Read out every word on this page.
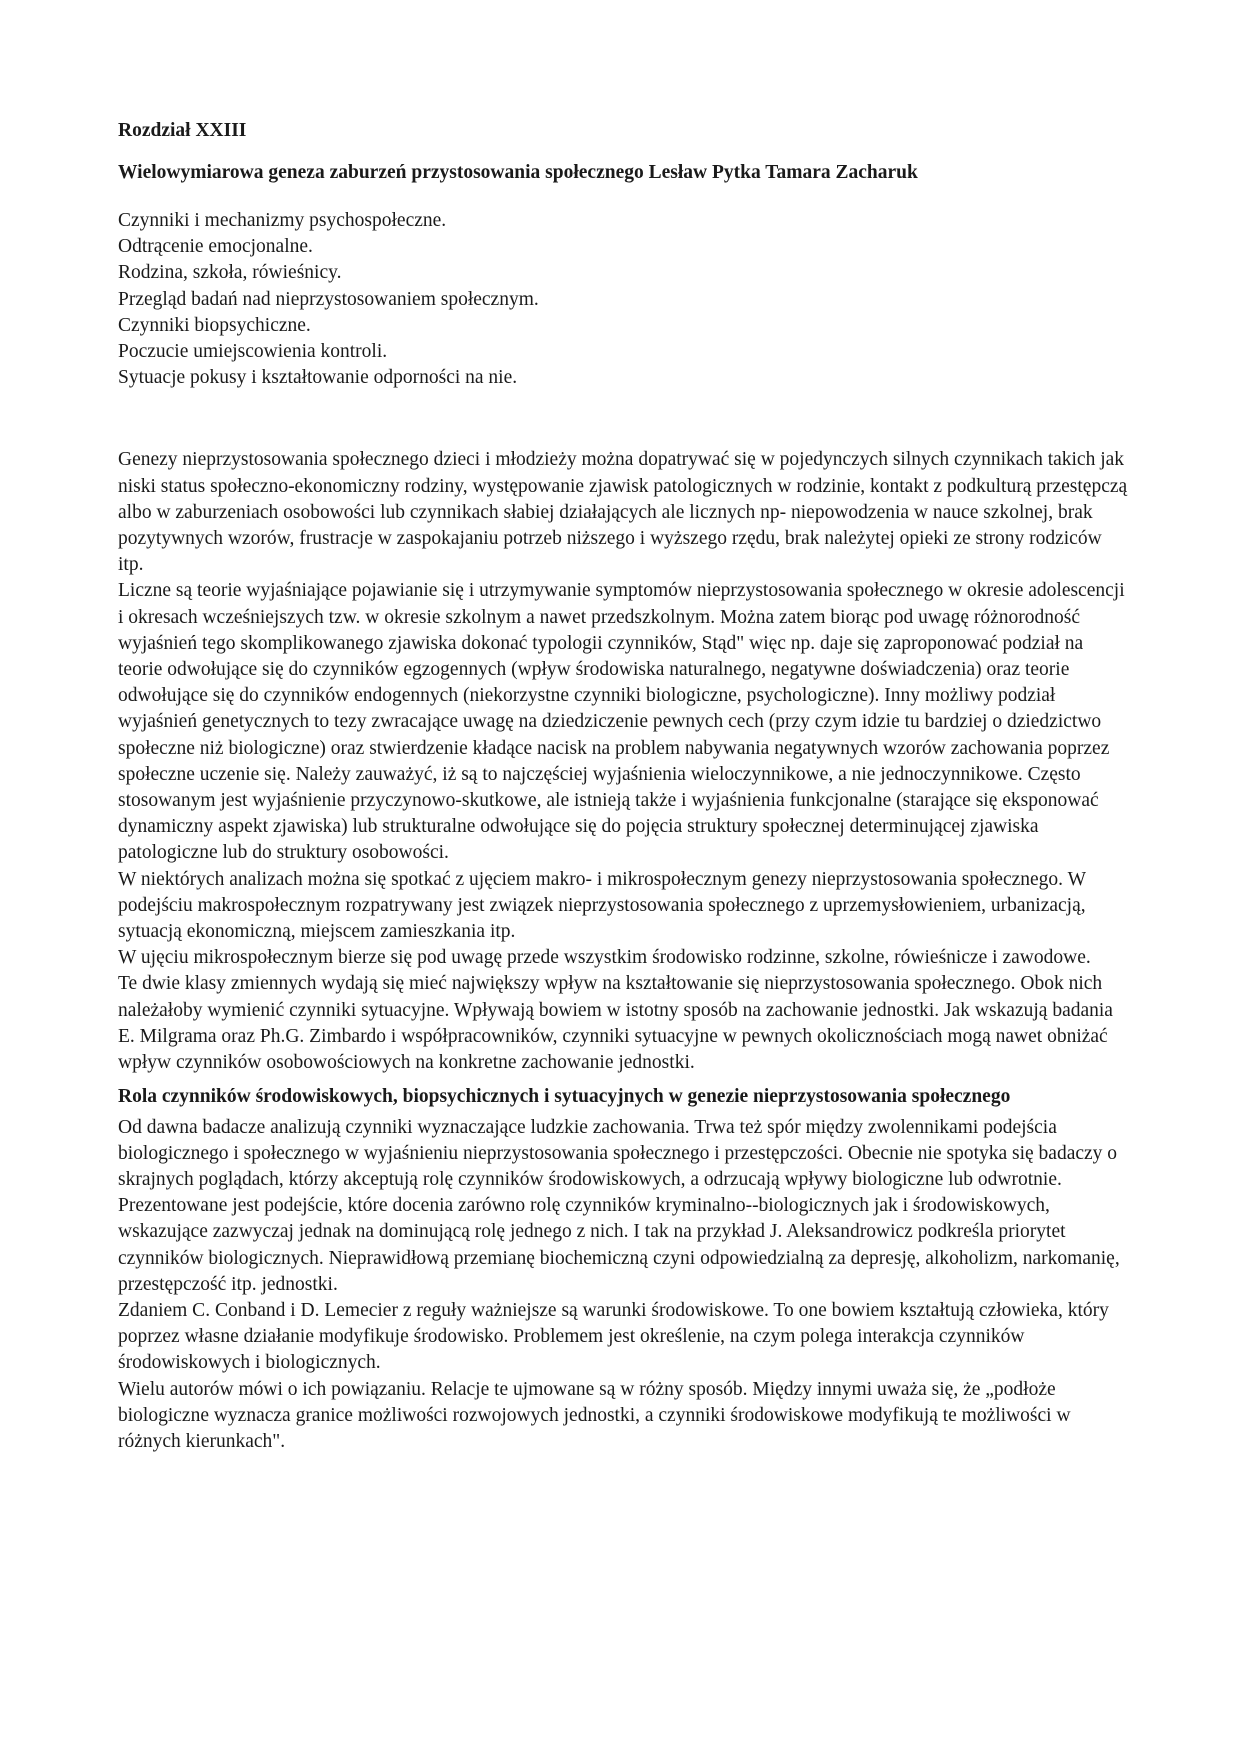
Rozdział XXIII
Wielowymiarowa geneza zaburzeń przystosowania społecznego Lesław Pytka Tamara Zacharuk
Czynniki i mechanizmy psychospołeczne.
Odtrącenie emocjonalne.
Rodzina, szkoła, rówieśnicy.
Przegląd badań nad nieprzystosowaniem społecznym.
Czynniki biopsychiczne.
Poczucie umiejscowienia kontroli.
Sytuacje pokusy i kształtowanie odporności na nie.

Genezy nieprzystosowania społecznego dzieci i młodzieży można dopatrywać się w pojedynczych silnych czynnikach takich jak niski status społeczno-ekonomiczny rodziny, występowanie zjawisk patologicznych w rodzinie, kontakt z podkulturą przestępczą albo w zaburzeniach osobowości lub czynnikach słabiej działających ale licznych np- niepowodzenia w nauce szkolnej, brak pozytywnych wzorów, frustracje w zaspokajaniu potrzeb niższego i wyższego rzędu, brak należytej opieki ze strony rodziców itp.

Liczne są teorie wyjaśniające pojawianie się i utrzymywanie symptomów nieprzystosowania społecznego w okresie adolescencji i okresach wcześniejszych tzw. w okresie szkolnym a nawet przedszkolnym. Można zatem biorąc pod uwagę różnorodność wyjaśnień tego skomplikowanego zjawiska dokonać typologii czynników, Stąd" więc np. daje się zaproponować podział na teorie odwołujące się do czynników egzogennych (wpływ środowiska naturalnego, negatywne doświadczenia) oraz teorie odwołujące się do czynników endogennych (niekorzystne czynniki biologiczne, psychologiczne). Inny możliwy podział wyjaśnień genetycznych to tezy zwracające uwagę na dziedziczenie pewnych cech (przy czym idzie tu bardziej o dziedzictwo społeczne niż biologiczne) oraz stwierdzenie kładące nacisk na problem nabywania negatywnych wzorów zachowania poprzez społeczne uczenie się. Należy zauważyć, iż są to najczęściej wyjaśnienia wieloczynnikowe, a nie jednoczynnikowe. Często stosowanym jest wyjaśnienie przyczynowo-skutkowe, ale istnieją także i wyjaśnienia funkcjonalne (starające się eksponować dynamiczny aspekt zjawiska) lub strukturalne odwołujące się do pojęcia struktury społecznej determinującej zjawiska patologiczne lub do struktury osobowości.

W niektórych analizach można się spotkać z ujęciem makro- i mikrospołecznym genezy nieprzystosowania społecznego. W podejściu makrospołecznym rozpatrywany jest związek nieprzystosowania społecznego z uprzemysłowieniem, urbanizacją, sytuacją ekonomiczną, miejscem zamieszkania itp.

W ujęciu mikrospołecznym bierze się pod uwagę przede wszystkim środowisko rodzinne, szkolne, rówieśnicze i zawodowe.

Te dwie klasy zmiennych wydają się mieć największy wpływ na kształtowanie się nieprzystosowania społecznego. Obok nich należałoby wymienić czynniki sytuacyjne. Wpływają bowiem w istotny sposób na zachowanie jednostki. Jak wskazują badania E. Milgrama oraz Ph.G. Zimbardo i współpracowników, czynniki sytuacyjne w pewnych okolicznościach mogą nawet obniżać wpływ czynników osobowościowych na konkretne zachowanie jednostki.

Rola czynników środowiskowych, biopsychicznych i sytuacyjnych w genezie nieprzystosowania społecznego

Od dawna badacze analizują czynniki wyznaczające ludzkie zachowania. Trwa też spór między zwolennikami podejścia biologicznego i społecznego w wyjaśnieniu nieprzystosowania społecznego i przestępczości. Obecnie nie spotyka się badaczy o skrajnych poglądach, którzy akceptują rolę czynników środowiskowych, a odrzucają wpływy biologiczne lub odwrotnie. Prezentowane jest podejście, które docenia zarówno rolę czynników kryminalno--biologicznych jak i środowiskowych, wskazujące zazwyczaj jednak na dominującą rolę jednego z nich. I tak na przykład J. Aleksandrowicz podkreśla priorytet czynników biologicznych. Nieprawidłową przemianę biochemiczną czyni odpowiedzialną za depresję, alkoholizm, narkomanię, przestępczość itp. jednostki.

Zdaniem C. Conband i D. Lemecier z reguły ważniejsze są warunki środowiskowe. To one bowiem kształtują człowieka, który poprzez własne działanie modyfikuje środowisko. Problemem jest określenie, na czym polega interakcja czynników środowiskowych i biologicznych.

Wielu autorów mówi o ich powiązaniu. Relacje te ujmowane są w różny sposób. Między innymi uważa się, że „podłoże biologiczne wyznacza granice możliwości rozwojowych jednostki, a czynniki środowiskowe modyfikują te możliwości w różnych kierunkach".
